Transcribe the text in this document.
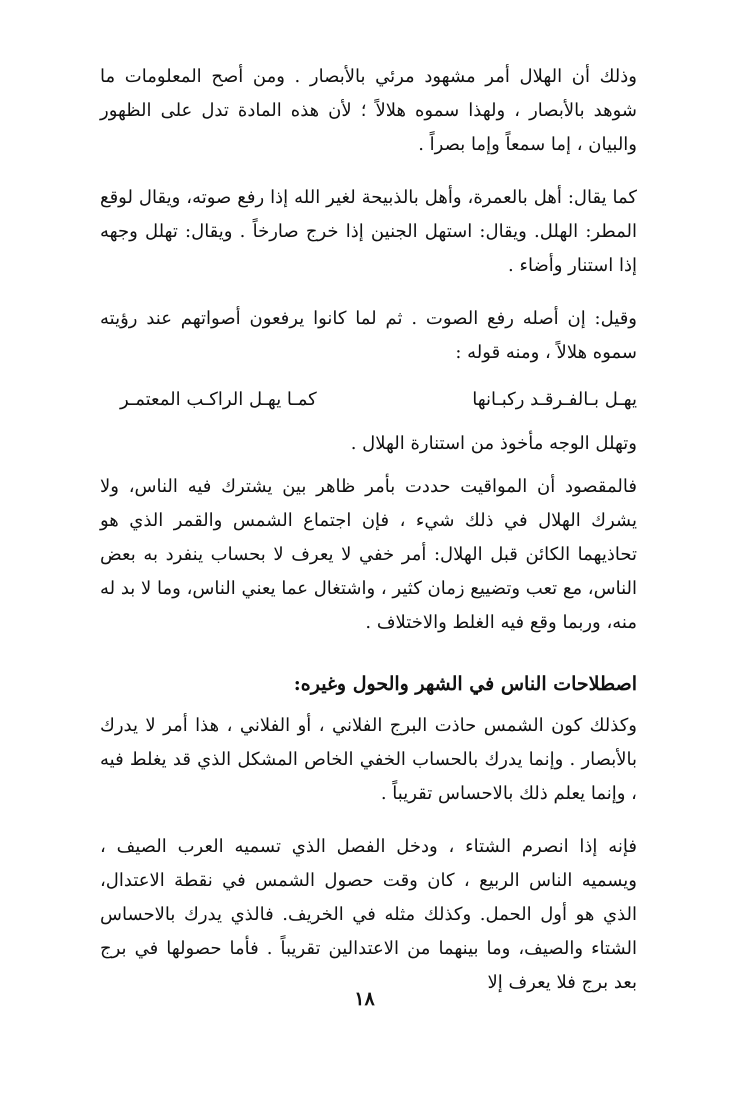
وذلك أن الهلال أمر مشهود مرئي بالأبصار . ومن أصح المعلومات ما شوهد بالأبصار ، ولهذا سموه هلالاً ؛ لأن هذه المادة تدل على الظهور والبيان ، إما سمعاً وإما بصراً .

كما يقال: أهل بالعمرة، وأهل بالذبيحة لغير الله إذا رفع صوته، ويقال لوقع المطر: الهلل. ويقال: استهل الجنين إذا خرج صارخاً . ويقال: تهلل وجهه إذا استنار وأضاء .

وقيل: إن أصله رفع الصوت . ثم لما كانوا يرفعون أصواتهم عند رؤيته سموه هلالاً ، ومنه قوله :

يهـل بـالفـرقـد ركبـانها
كمـا يهـل الراكـب المعتمـر

وتهلل الوجه مأخوذ من استنارة الهلال .

فالمقصود أن المواقيت حددت بأمر ظاهر بين يشترك فيه الناس، ولا يشرك الهلال في ذلك شيء ، فإن اجتماع الشمس والقمر الذي هو تحاذيهما الكائن قبل الهلال: أمر خفي لا يعرف لا بحساب ينفرد به بعض الناس، مع تعب وتضييع زمان كثير ، واشتغال عما يعني الناس، وما لا بد له منه، وربما وقع فيه الغلط والاختلاف .

اصطلاحات الناس في الشهر والحول وغيره:

وكذلك كون الشمس حاذت البرج الفلاني ، أو الفلاني ، هذا أمر لا يدرك بالأبصار . وإنما يدرك بالحساب الخفي الخاص المشكل الذي قد يغلط فيه ، وإنما يعلم ذلك بالاحساس تقريباً .

فإنه إذا انصرم الشتاء ، ودخل الفصل الذي تسميه العرب الصيف ، ويسميه الناس الربيع ، كان وقت حصول الشمس في نقطة الاعتدال، الذي هو أول الحمل. وكذلك مثله في الخريف. فالذي يدرك بالاحساس الشتاء والصيف، وما بينهما من الاعتدالين تقريباً . فأما حصولها في برج بعد برج فلا يعرف إلا

١٨
